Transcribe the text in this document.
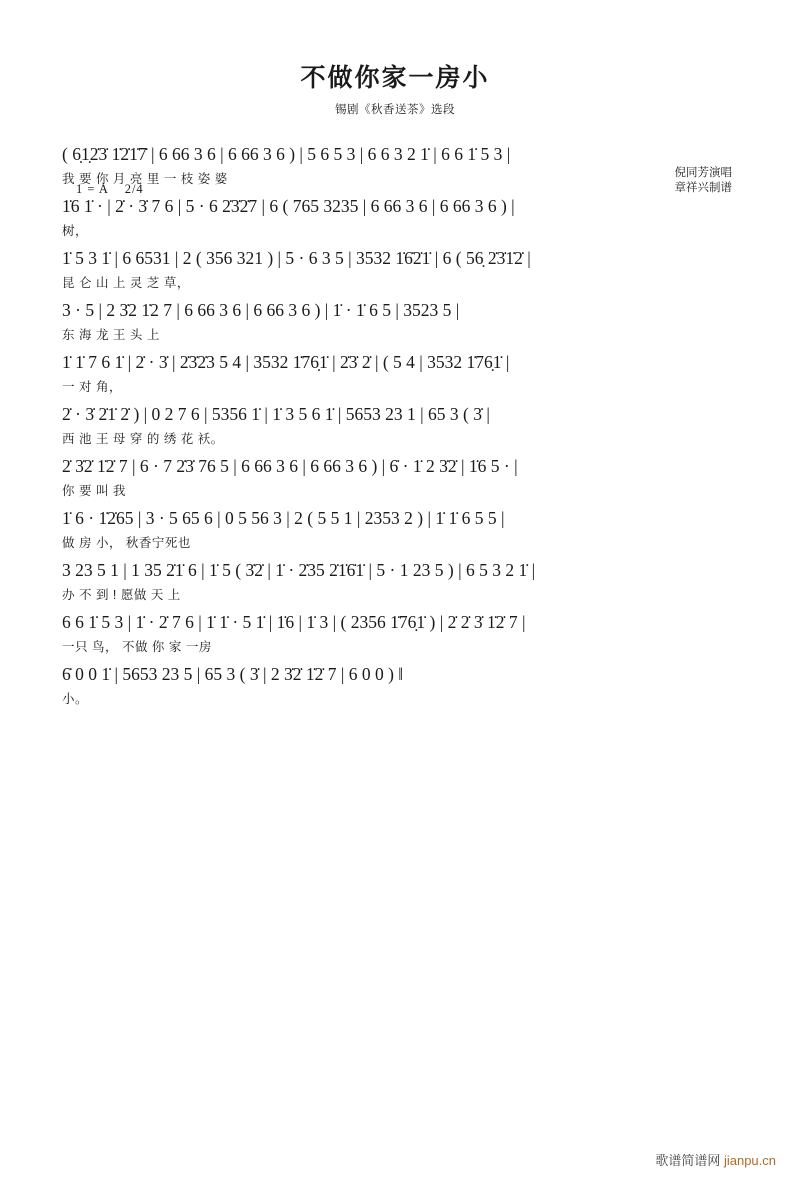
不做你家一房小
锡剧《秋香送茶》选段
倪同芳演唱
章祥兴制谱
1 = A 2/4
( 6̣1̣2̇3̇ 1̇2̇1̇7̇ | 6 66 3 6 | 6 66 3 6 ) | 5 6 5 3 | 6 6 3 2 1̇ | 6 6 1̇ 5 3 |
我 要 你 月 亮 里 一 枝 姿 婆
1̇6 1̇ · | 2̇ · 3̇ 7 6 | 5 · 6 2̇3̇2̇7 | 6 ( 765 3235 | 6 66 3 6 | 6 66 3 6 ) |
树，
1̇ 5 3 1̇ | 6 6531 | 2 ( 356 321 ) | 5 · 6 3 5 | 3532 1̇6̇2̇1̇ | 6 ( 56̣ 2̇3̇1̇2̇ |
昆 仑 山 上 灵 芝 草，
3 · 5 | 2 3̇2 1̇2 7 | 6 66 3 6 | 6 66 3 6 ) | 1̇ · 1̇ 6 5 | 3523 5 |
东 海 龙 王 头 上
1̇ 1̇ 7 6 1̇ | 2̇ · 3̇ | 2̇3̇2̇3 5 4 | 3532 1̇76̣1̇ | 2̇3̇ 2̇ | ( 5 4 | 3532 1̇76̣1̇ |
一 对 角，
2̇ · 3̇ 2̇1̇ 2̇ ) | 0 2 7 6 | 5356 1̇ | 1̇ 3 5 6 1̇ | 5653 23 1 | 65 3 ( 3̇ |
西 池 王 母 穿 的 绣 花 袄。
2̇ 3̇2̇ 1̇2̇ 7 | 6 · 7 2̇3̇ 76 5 | 6 66 3 6 | 6 66 3 6 ) | 6̇ · 1̇ 2 3̇2̇ | 1̇6 5 · |
你 要 叫 我
1̇ 6 · 1̇2̇65 | 3 · 5 65 6 | 0 5 56 3 | 2 ( 5 5 1 | 2353 2 ) | 1̇ 1̇ 6 5 5 |
做 房 小， 秋香宁死也
3 23 5 1 | 1 35 2̇1̇ 6 | 1̇ 5 ( 3̇2̇ | 1̇ · 2̇35 2̇1̇6̇1̇ | 5 · 1 23 5 ) | 6 5 3 2 1̇ |
办 不 到 ! 愿做 天 上
6 6 1̇ 5 3 | 1̇ · 2̇ 7 6 | 1̇ 1̇ · 5 1̇ | 1̇6 | 1̇ 3 | ( 2356 1̇76̣1̇ ) | 2̇ 2̇ 3̇ 1̇2̇ 7 |
一只 鸟， 不做 你 家 一房
6̇ 0 0 1̇ | 5653 23 5 | 65 3 ( 3̇ | 2 3̇2̇ 1̇2̇ 7 | 6 0 0 ) ‖
小。
歌谱简谱网 jianpu.cn
